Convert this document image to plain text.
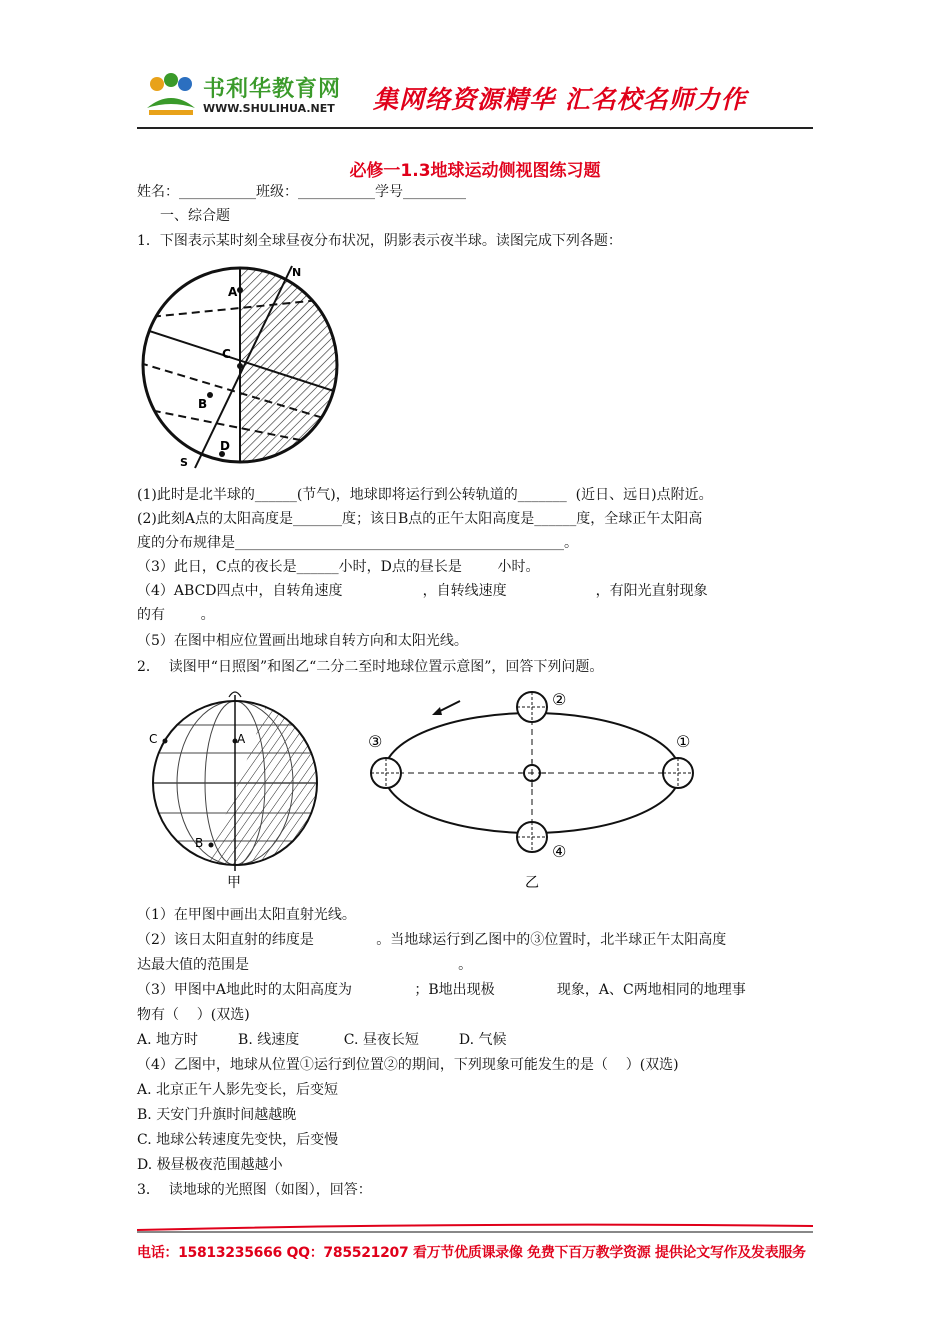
书利华教育网
WWW.SHULIHUA.NET 集网络资源精华 汇名校名师力作
必修一1.3地球运动侧视图练习题
姓名：___________班级：___________学号_________
一、综合题
1．下图表示某时刻全球昼夜分布状况，阴影表示夜半球。读图完成下列各题：
N
A
C
B
D
S
(1)此时是北半球的______(节气)，地球即将运行到公转轨道的_______  (近日、远日)点附近。
(2)此刻A点的太阳高度是_______度；该日B点的正午太阳高度是______度，全球正午太阳高
度的分布规律是_______________________________________________。
（3）此日，C点的夜长是______小时，D点的昼长是        小时。
（4）ABCD四点中，自转角速度                  ，自转线速度                    ，有阳光直射现象
的有        。
（5）在图中相应位置画出地球自转方向和太阳光线。
2．  读图甲“日照图”和图乙“二分二至时地球位置示意图”，回答下列问题。
A
C
B
甲
②
③	①
④
乙
（1）在甲图中画出太阳直射光线。
（2）该日太阳直射的纬度是              。当地球运行到乙图中的③位置时，北半球正午太阳高度
达最大值的范围是                                               。
（3）甲图中A地此时的太阳高度为              ；B地出现极              现象，A、C两地相同的地理事
物有（    ）(双选)
A. 地方时         B. 线速度          C. 昼夜长短         D. 气候
（4）乙图中，地球从位置①运行到位置②的期间，下列现象可能发生的是（    ）(双选)
A. 北京正午人影先变长，后变短
B. 天安门升旗时间越越晚
C. 地球公转速度先变快，后变慢
D. 极昼极夜范围越越小
3．  读地球的光照图（如图），回答：
电话：15813235666 QQ：785521207 看万节优质课录像 免费下百万教学资源 提供论文写作及发表服务
